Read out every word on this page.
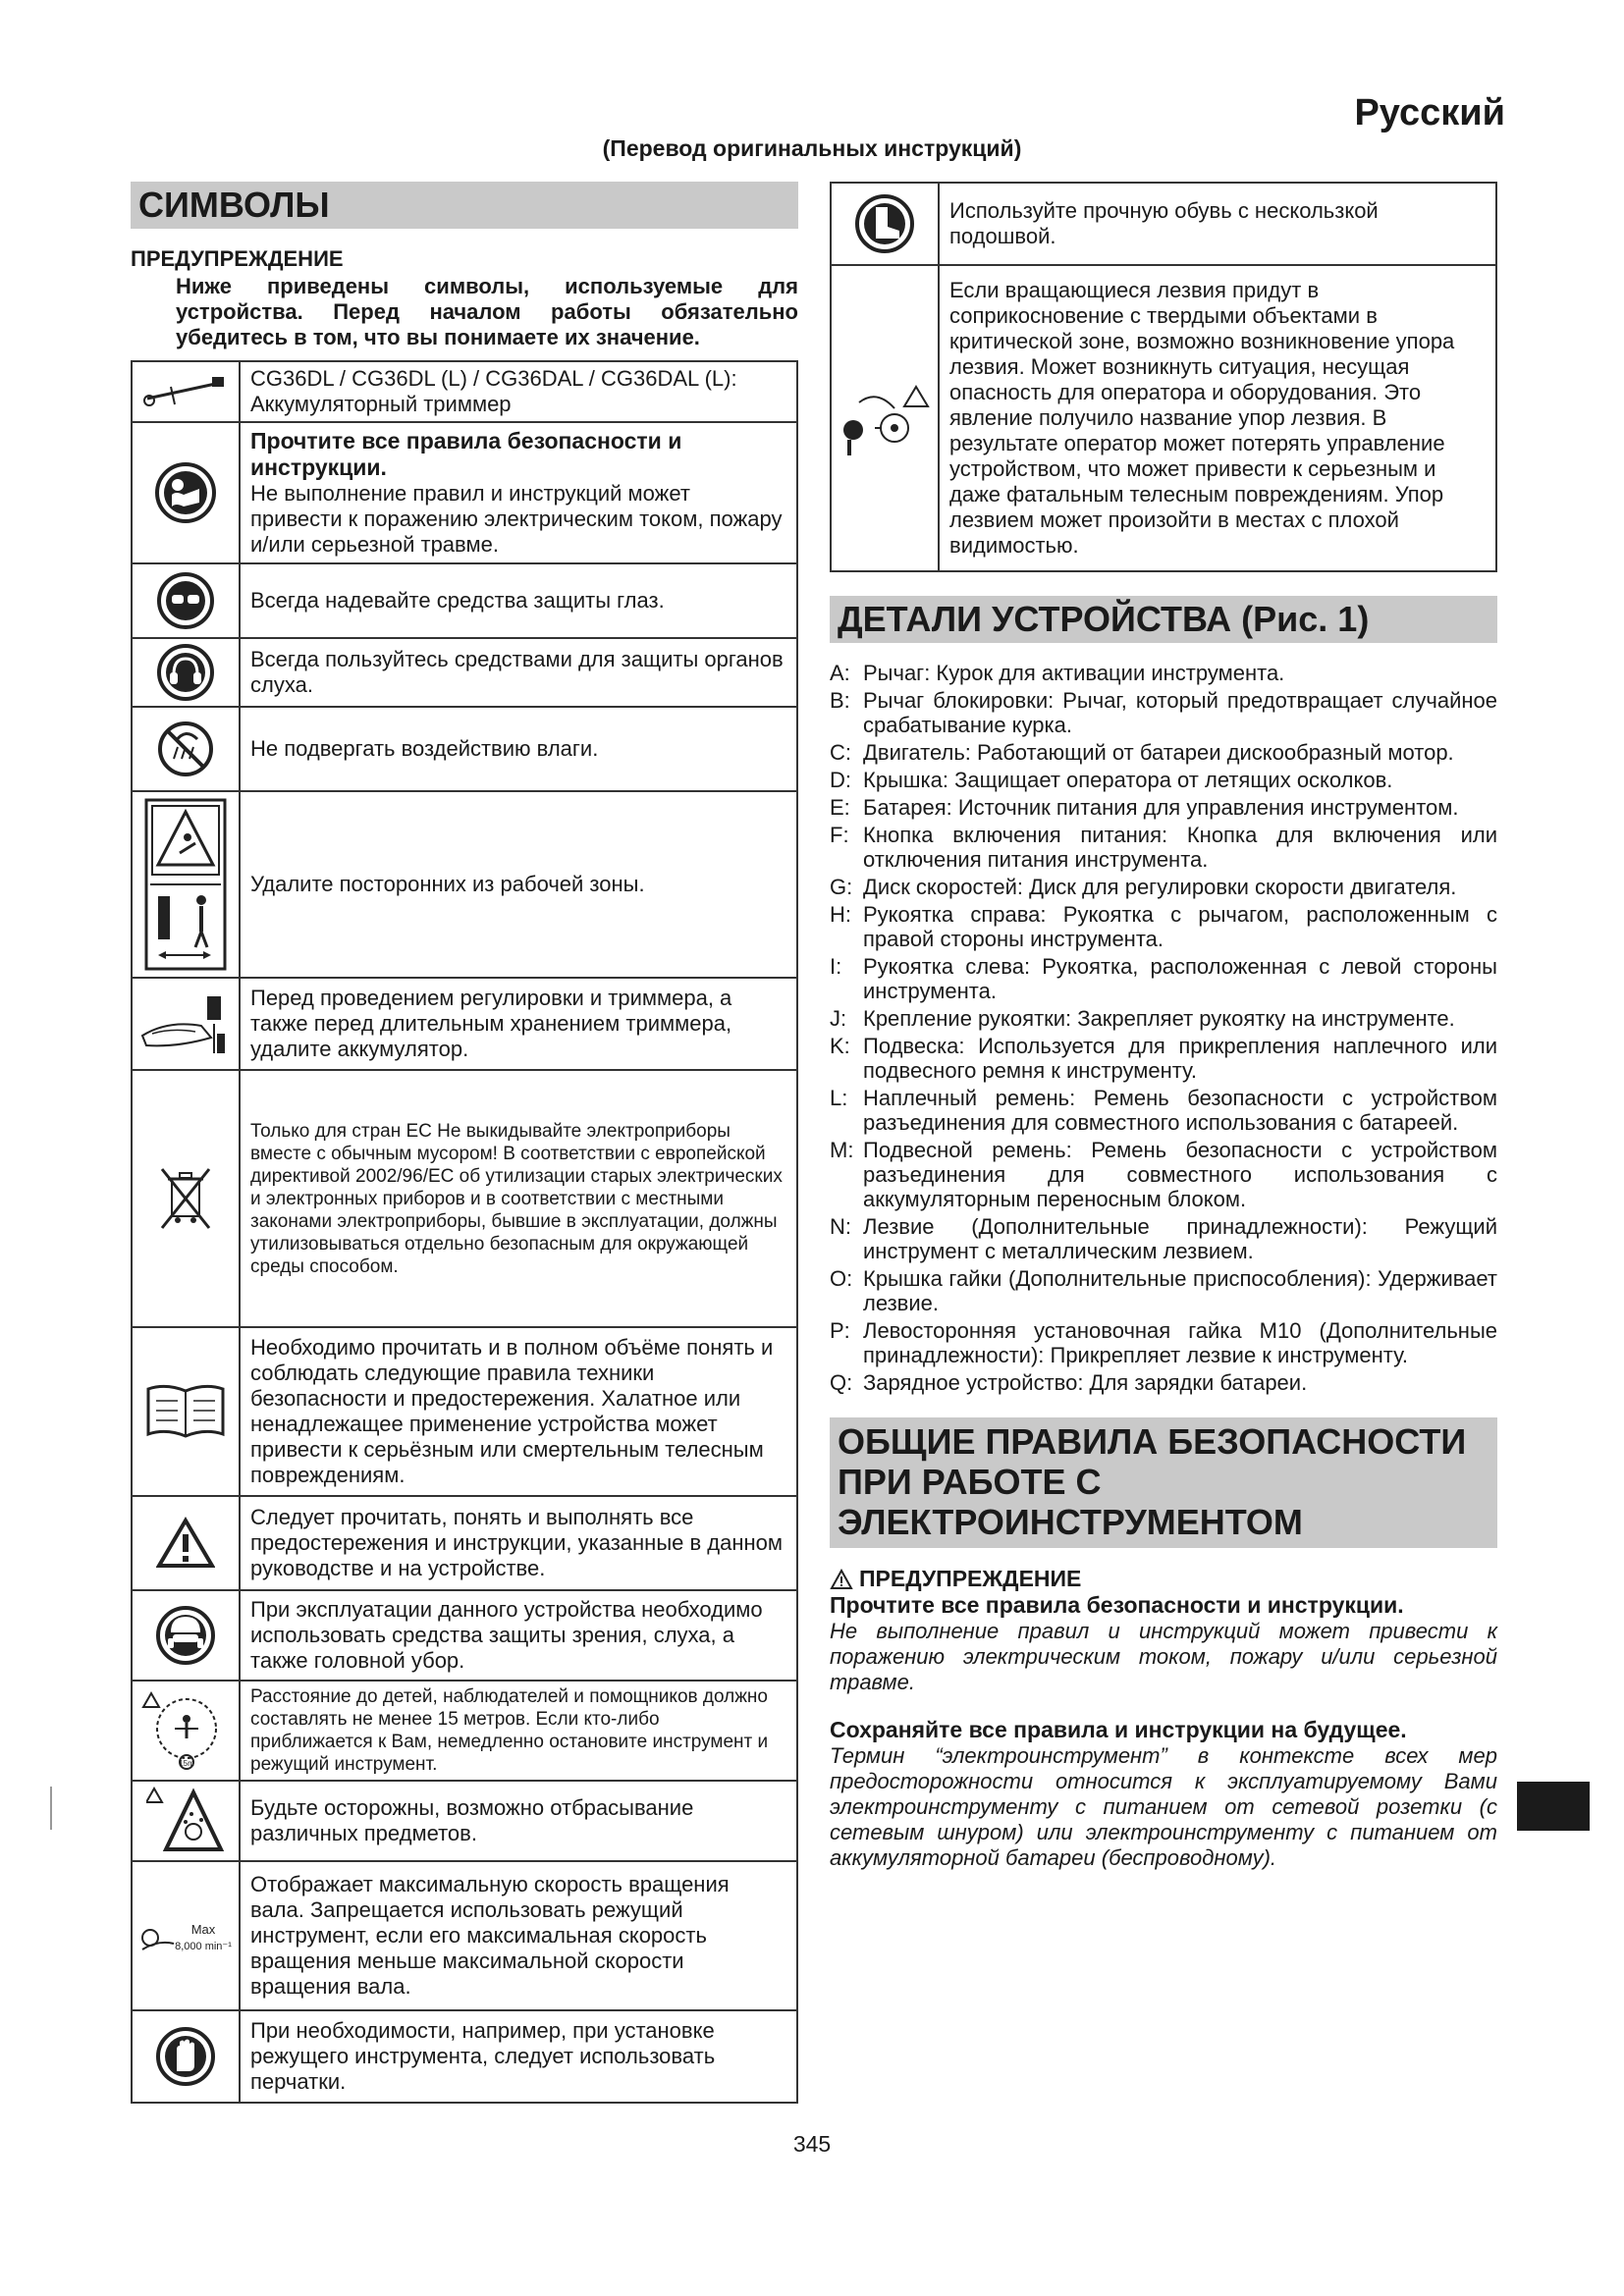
Русский
(Перевод оригинальных инструкций)
СИМВОЛЫ
ПРЕДУПРЕЖДЕНИЕ
Ниже приведены символы, используемые для устройства. Перед началом работы обязательно убедитесь в том, что вы понимаете их значение.
	CG36DL / CG36DL (L) / CG36DAL / CG36DAL (L): Аккумуляторный триммер

Прочтите все правила безопасности и инструкции.
Не выполнение правил и инструкций может привести к поражению электрическим током, пожару и/или серьезной травме.

	Всегда надевайте средства защиты глаз.

	Всегда пользуйтесь средствами для защиты органов слуха.

	Не подвергать воздействию влаги.

	Удалите посторонних из рабочей зоны.

	Перед проведением регулировки и триммера, а также перед длительным хранением триммера, удалите аккумулятор.

	Только для стран ЕС Не выкидывайте электроприборы вместе с обычным мусором! В соответствии с европейской директивой 2002/96/ЕС об утилизации старых электрических и электронных приборов и в соответствии с местными законами электроприборы, бывшие в эксплуатации, должны утилизовываться отдельно безопасным для окружающей среды способом.

	Необходимо прочитать и в полном объёме понять и соблюдать следующие правила техники безопасности и предостережения. Халатное или ненадлежащее применение устройства может привести к серьёзным или смертельным телесным повреждениям.

	Следует прочитать, понять и выполнять все предостережения и инструкции, указанные в данном руководстве и на устройстве.

	При эксплуатации данного устройства необходимо использовать средства защиты зрения, слуха, а также головной убор.

15m	Расстояние до детей, наблюдателей и помощников должно составлять не менее 15 метров. Если кто-либо приближается к Вам, немедленно остановите инструмент и режущий инструмент.

	Будьте осторожны, возможно отбрасывание различных предметов.

Max
8,000 min⁻¹	Отображает максимальную скорость вращения вала. Запрещается использовать режущий инструмент, если его максимальная скорость вращения меньше максимальной скорости вращения вала.

	При необходимости, например, при установке режущего инструмента, следует использовать перчатки.
	Используйте прочную обувь с нескользкой подошвой.

	Если вращающиеся лезвия придут в соприкосновение с твердыми объектами в критической зоне, возможно возникновение упора лезвия. Может возникнуть ситуация, несущая опасность для оператора и оборудования. Это явление получило название упор лезвия. В результате оператор может потерять управление устройством, что может привести к серьезным и даже фатальным телесным повреждениям. Упор лезвием может произойти в местах с плохой видимостью.
ДЕТАЛИ УСТРОЙСТВА (Рис. 1)
A: Рычаг: Курок для активации инструмента.
B: Рычаг блокировки: Рычаг, который предотвращает случайное срабатывание курка.
C: Двигатель: Работающий от батареи дискообразный мотор.
D: Крышка: Защищает оператора от летящих осколков.
E: Батарея: Источник питания для управления инструментом.
F: Кнопка включения питания: Кнопка для включения или отключения питания инструмента.
G: Диск скоростей: Диск для регулировки скорости двигателя.
H: Рукоятка справа: Рукоятка с рычагом, расположенным с правой стороны инструмента.
I: Рукоятка слева: Рукоятка, расположенная с левой стороны инструмента.
J: Крепление рукоятки: Закрепляет рукоятку на инструменте.
K: Подвеска: Используется для прикрепления наплечного или подвесного ремня к инструменту.
L: Наплечный ремень: Ремень безопасности с устройством разъединения для совместного использования с батареей.
M: Подвесной ремень: Ремень безопасности с устройством разъединения для совместного использования с аккумуляторным переносным блоком.
N: Лезвие (Дополнительные принадлежности): Режущий инструмент с металлическим лезвием.
O: Крышка гайки (Дополнительные приспособления): Удерживает лезвие.
P: Левосторонняя установочная гайка M10 (Дополнительные принадлежности): Прикрепляет лезвие к инструменту.
Q: Зарядное устройство: Для зарядки батареи.
ОБЩИЕ ПРАВИЛА БЕЗОПАСНОСТИ ПРИ РАБОТЕ С ЭЛЕКТРОИНСТРУМЕНТОМ
ПРЕДУПРЕЖДЕНИЕ
Прочтите все правила безопасности и инструкции.
Не выполнение правил и инструкций может привести к поражению электрическим током, пожару и/или серьезной травме.
Сохраняйте все правила и инструкции на будущее.
Термин “электроинструмент” в контексте всех мер предосторожности относится к эксплуатируемому Вами электроинструменту с питанием от сетевой розетки (с сетевым шнуром) или электроинструменту с питанием от аккумуляторной батареи (беспроводному).
345
